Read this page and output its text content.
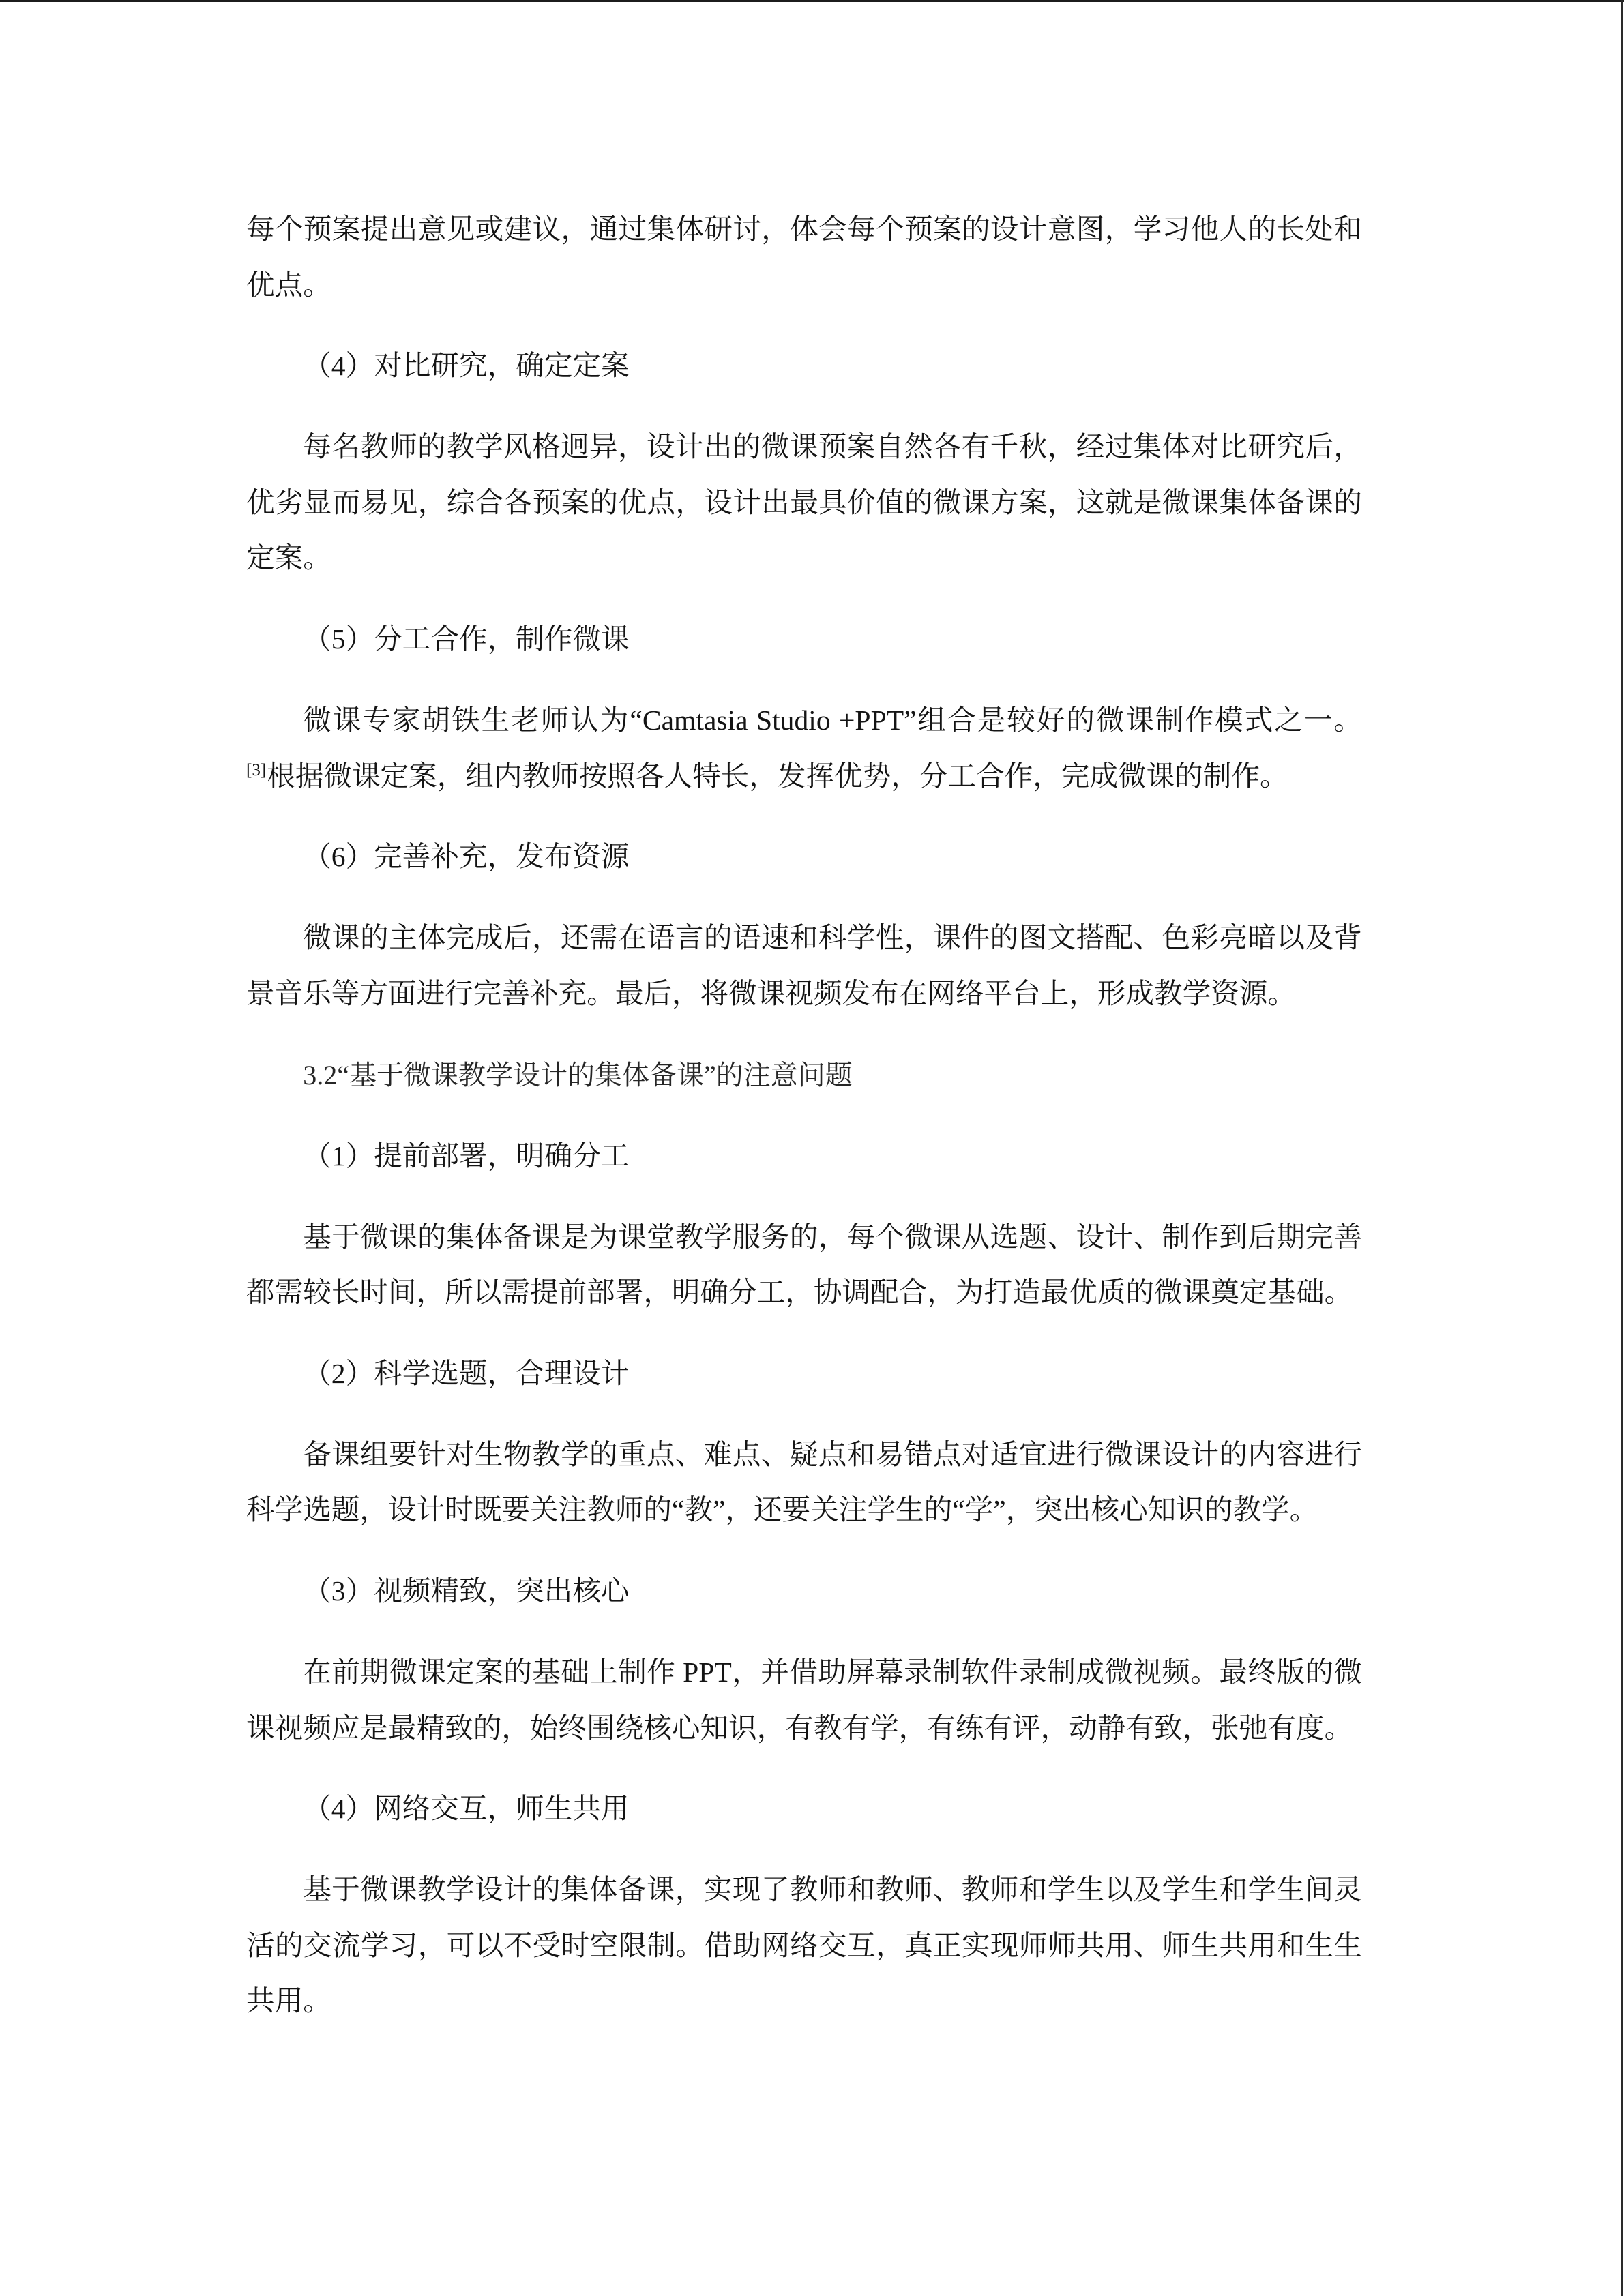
每个预案提出意见或建议，通过集体研讨，体会每个预案的设计意图，学习他人的长处和
优点。
（4）对比研究，确定定案
每名教师的教学风格迥异，设计出的微课预案自然各有千秋，经过集体对比研究后，
优劣显而易见，综合各预案的优点，设计出最具价值的微课方案，这就是微课集体备课的
定案。
（5）分工合作，制作微课
微课专家胡铁生老师认为“Camtasia Studio +PPT”组合是较好的微课制作模式之一。
[3]根据微课定案，组内教师按照各人特长，发挥优势，分工合作，完成微课的制作。
（6）完善补充，发布资源
微课的主体完成后，还需在语言的语速和科学性，课件的图文搭配、色彩亮暗以及背
景音乐等方面进行完善补充。最后，将微课视频发布在网络平台上，形成教学资源。
3.2“基于微课教学设计的集体备课”的注意问题
（1）提前部署，明确分工
基于微课的集体备课是为课堂教学服务的，每个微课从选题、设计、制作到后期完善
都需较长时间，所以需提前部署，明确分工，协调配合，为打造最优质的微课奠定基础。
（2）科学选题，合理设计
备课组要针对生物教学的重点、难点、疑点和易错点对适宜进行微课设计的内容进行
科学选题，设计时既要关注教师的“教”，还要关注学生的“学”，突出核心知识的教学。
（3）视频精致，突出核心
在前期微课定案的基础上制作 PPT，并借助屏幕录制软件录制成微视频。最终版的微
课视频应是最精致的，始终围绕核心知识，有教有学，有练有评，动静有致，张弛有度。
（4）网络交互，师生共用
基于微课教学设计的集体备课，实现了教师和教师、教师和学生以及学生和学生间灵
活的交流学习，可以不受时空限制。借助网络交互，真正实现师师共用、师生共用和生生
共用。
